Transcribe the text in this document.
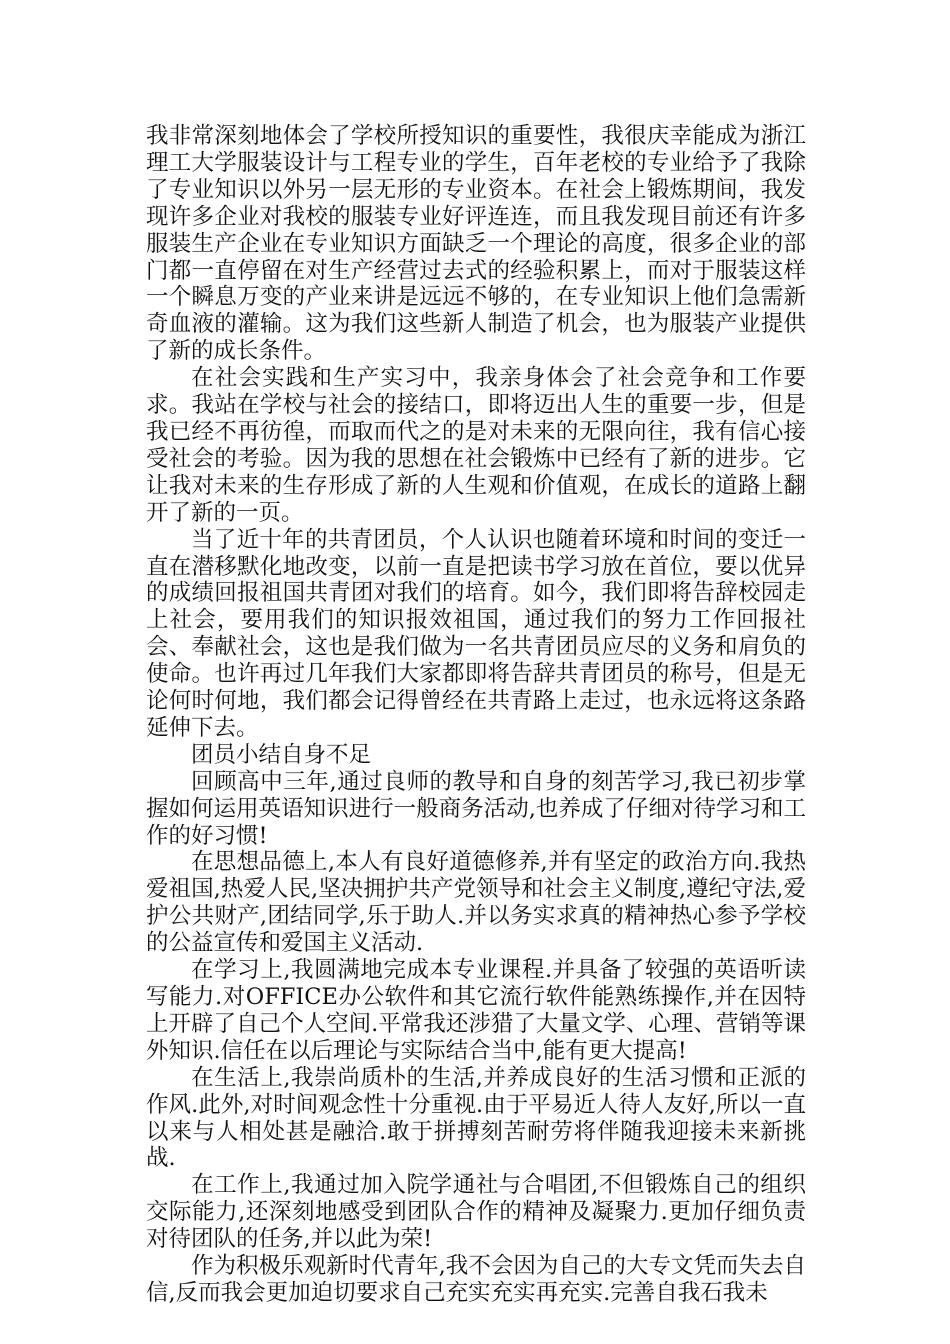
我非常深刻地体会了学校所授知识的重要性，我很庆幸能成为浙江理工大学服装设计与工程专业的学生，百年老校的专业给予了我除了专业知识以外另一层无形的专业资本。在社会上锻炼期间，我发现许多企业对我校的服装专业好评连连，而且我发现目前还有许多服装生产企业在专业知识方面缺乏一个理论的高度，很多企业的部门都一直停留在对生产经营过去式的经验积累上，而对于服装这样一个瞬息万变的产业来讲是远远不够的，在专业知识上他们急需新奇血液的灌输。这为我们这些新人制造了机会，也为服装产业提供了新的成长条件。

在社会实践和生产实习中，我亲身体会了社会竞争和工作要求。我站在学校与社会的接结口，即将迈出人生的重要一步，但是我已经不再彷徨，而取而代之的是对未来的无限向往，我有信心接受社会的考验。因为我的思想在社会锻炼中已经有了新的进步。它让我对未来的生存形成了新的人生观和价值观，在成长的道路上翻开了新的一页。

当了近十年的共青团员，个人认识也随着环境和时间的变迁一直在潜移默化地改变，以前一直是把读书学习放在首位，要以优异的成绩回报祖国共青团对我们的培育。如今，我们即将告辞校园走上社会，要用我们的知识报效祖国，通过我们的努力工作回报社会、奉献社会，这也是我们做为一名共青团员应尽的义务和肩负的使命。也许再过几年我们大家都即将告辞共青团员的称号，但是无论何时何地，我们都会记得曾经在共青路上走过，也永远将这条路延伸下去。

团员小结自身不足

回顾高中三年,通过良师的教导和自身的刻苦学习,我已初步掌握如何运用英语知识进行一般商务活动,也养成了仔细对待学习和工作的好习惯!

在思想品德上,本人有良好道德修养,并有坚定的政治方向.我热爱祖国,热爱人民,坚决拥护共产党领导和社会主义制度,遵纪守法,爱护公共财产,团结同学,乐于助人.并以务实求真的精神热心参予学校的公益宣传和爱国主义活动.

在学习上,我圆满地完成本专业课程.并具备了较强的英语听读写能力.对OFFICE办公软件和其它流行软件能熟练操作,并在因特上开辟了自己个人空间.平常我还涉猎了大量文学、心理、营销等课外知识.信任在以后理论与实际结合当中,能有更大提高!

在生活上,我崇尚质朴的生活,并养成良好的生活习惯和正派的作风.此外,对时间观念性十分重视.由于平易近人待人友好,所以一直以来与人相处甚是融洽.敢于拼搏刻苦耐劳将伴随我迎接未来新挑战.

在工作上,我通过加入院学通社与合唱团,不但锻炼自己的组织交际能力,还深刻地感受到团队合作的精神及凝聚力.更加仔细负责对待团队的任务,并以此为荣!

作为积极乐观新时代青年,我不会因为自己的大专文凭而失去自信,反而我会更加迫切要求自己充实充实再充实.完善自我石我未
